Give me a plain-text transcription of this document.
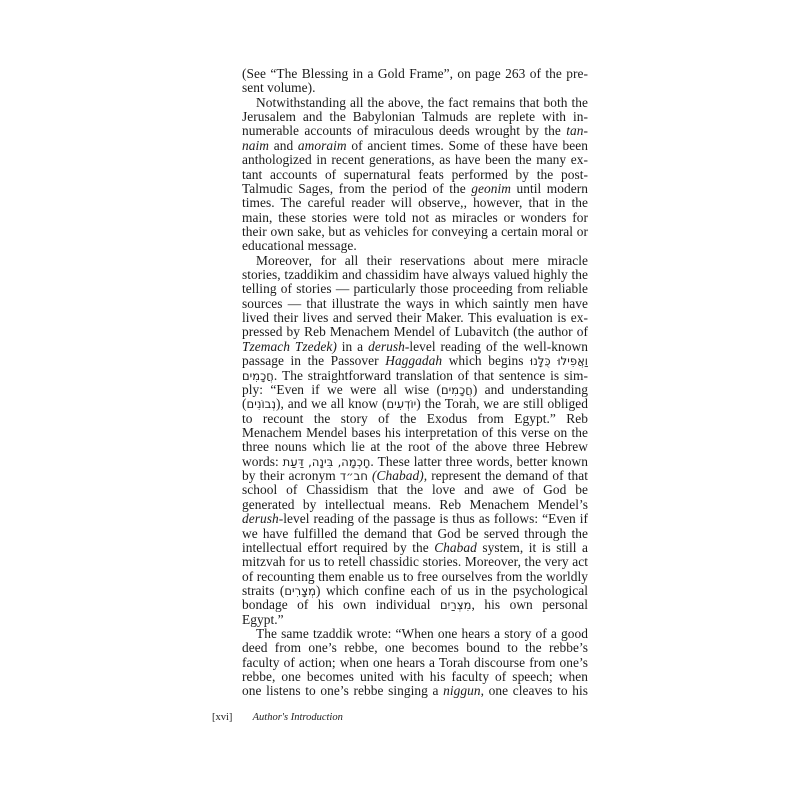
(See “The Blessing in a Gold Frame”, on page 263 of the pre-
sent volume).
Notwithstanding all the above, the fact remains that both the
Jerusalem and the Babylonian Talmuds are replete with in-
numerable accounts of miraculous deeds wrought by the tan-
naim and amoraim of ancient times. Some of these have been
anthologized in recent generations, as have been the many ex-
tant accounts of supernatural feats performed by the post-
Talmudic Sages, from the period of the geonim until modern
times. The careful reader will observe,, however, that in the
main, these stories were told not as miracles or wonders for
their own sake, but as vehicles for conveying a certain moral or
educational message.
Moreover, for all their reservations about mere miracle
stories, tzaddikim and chassidim have always valued highly the
telling of stories — particularly those proceeding from reliable
sources — that illustrate the ways in which saintly men have
lived their lives and served their Maker. This evaluation is ex-
pressed by Reb Menachem Mendel of Lubavitch (the author of
Tzemach Tzedek) in a derush-level reading of the well-known
passage in the Passover Haggadah which begins וַאֲפִילוּ כֻּלָּנוּ
חֲכָמִים. The straightforward translation of that sentence is sim-
ply: “Even if we were all wise (חֲכָמִים) and understanding
(נְבוֹנִים), and we all know (יוֹדְעִים) the Torah, we are still obliged
to recount the story of the Exodus from Egypt.” Reb
Menachem Mendel bases his interpretation of this verse on the
three nouns which lie at the root of the above three Hebrew
words: חָכְמָה, בִּינָה, דַּעַת. These latter three words, better known
by their acronym חב״ד (Chabad), represent the demand of that
school of Chassidism that the love and awe of God be
generated by intellectual means. Reb Menachem Mendel’s
derush-level reading of the passage is thus as follows: “Even if
we have fulfilled the demand that God be served through the
intellectual effort required by the Chabad system, it is still a
mitzvah for us to retell chassidic stories. Moreover, the very act
of recounting them enable us to free ourselves from the worldly
straits (מְצָרִים) which confine each of us in the psychological
bondage of his own individual מִצְרַיִם, his own personal
Egypt.”
The same tzaddik wrote: “When one hears a story of a good
deed from one’s rebbe, one becomes bound to the rebbe’s
faculty of action; when one hears a Torah discourse from one’s
rebbe, one becomes united with his faculty of speech; when
one listens to one’s rebbe singing a niggun, one cleaves to his
[xvi] Author's Introduction
